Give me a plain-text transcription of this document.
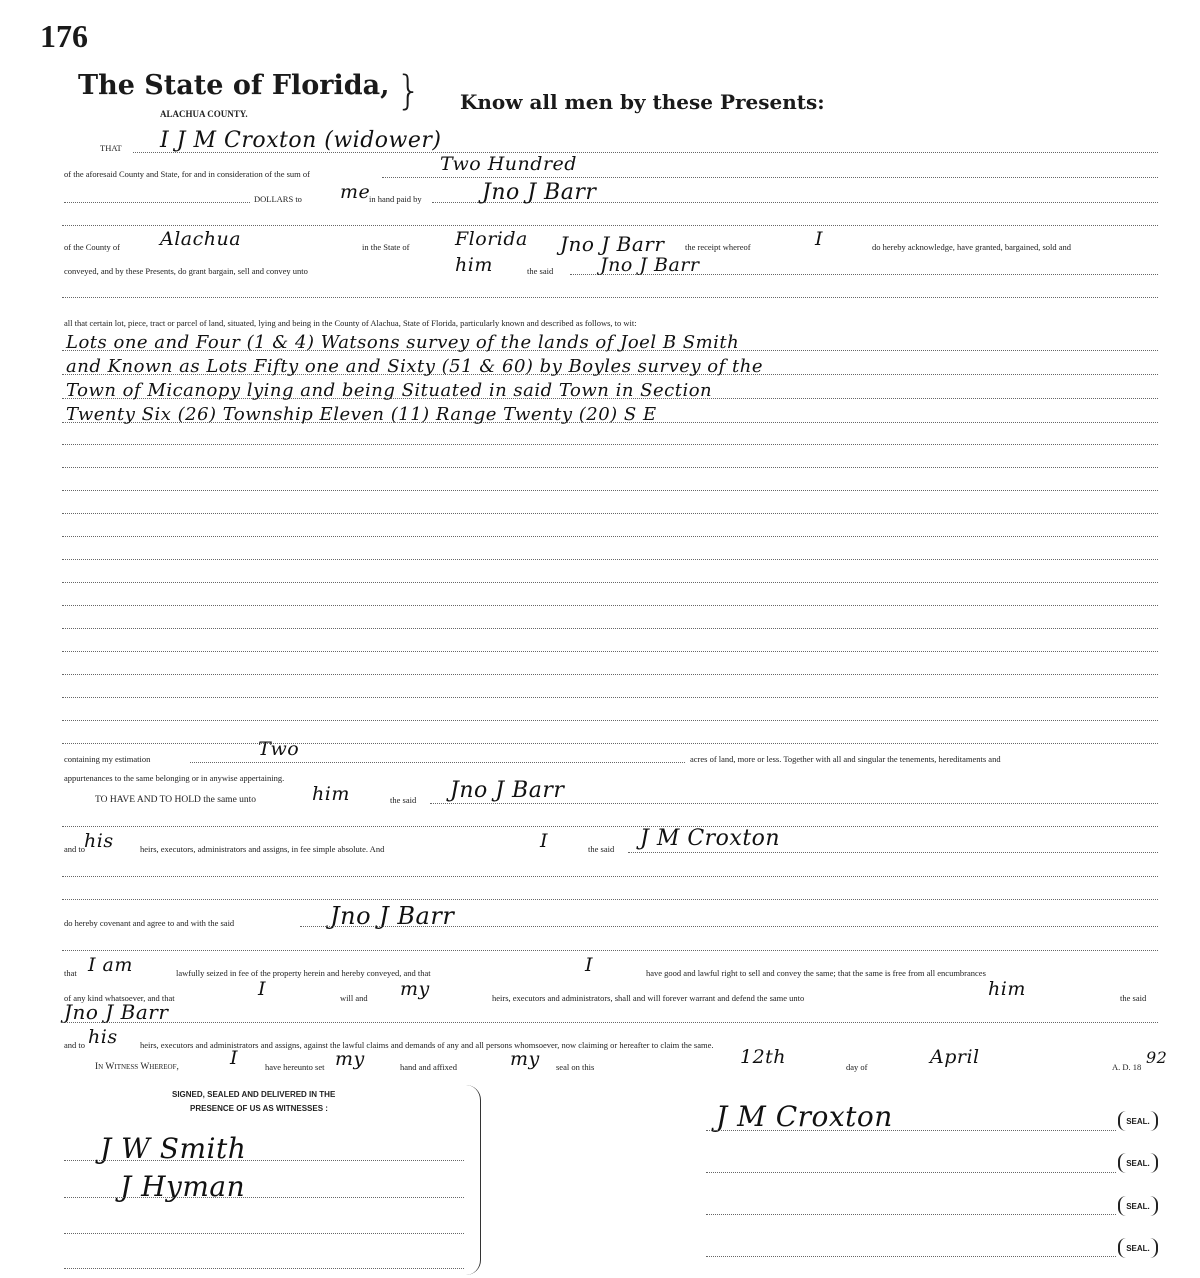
176
The State of Florida, }
ALACHUA COUNTY.	Know all men by these Presents:
THAT I J M Croxton (widower)
of the aforesaid County and State, for and in consideration of the sum of	Two Hundred
DOLLARS to me
in hand paid by	Jno J Barr
of the County of Alachua	in the State of Florida Jno J Barr the receipt whereof	I	do hereby acknowledge, have granted, bargained, sold and
conveyed, and by these Presents, do grant bargain, sell and convey unto	him	the said Jno J Barr
all that certain lot, piece, tract or parcel of land, situated, lying and being in the County of Alachua, State of Florida, particularly known and described as follows, to wit:
Lots one and Four (1 & 4) Watsons survey of the lands of Joel B Smith
and Known as Lots Fifty one and Sixty (51 & 60) by Boyles survey of the
Town of Micanopy lying and being Situated in said Town in Section
Twenty Six (26) Township Eleven (11) Range Twenty (20) S E
containing my estimation	Two	acres of land, more or less. Together with all and singular the tenements, hereditaments and
appurtenances to the same belonging or in anywise appertaining.
TO HAVE AND TO HOLD the same unto	him	the said Jno J Barr
and to
his	heirs, executors, administrators and assigns, in fee simple absolute. And	I	the said J M Croxton
do hereby covenant and agree to and with the said	Jno J Barr
that I am	lawfully seized in fee of the property herein and hereby conveyed, and that	I	have good and lawful right to sell and convey the same; that the same is free from all encumbrances
of any kind whatsoever, and that	I	will and my	heirs, executors and administrators, shall and will forever warrant and defend the same unto	him	the said
Jno J Barr
and to his	heirs, executors and administrators and assigns, against the lawful claims and demands of any and all persons whomsoever, now claiming or hereafter to claim the same.
In Witness Whereof,	I	have hereunto set my	hand and affixed	my seal on this	12th	day of	April	A. D. 18 92
SIGNED, SEALED AND DELIVERED IN THE
PRESENCE OF US AS WITNESSES :
J W Smith
J Hyman
J M Croxton	SEAL.
SEAL.
SEAL.
SEAL.
